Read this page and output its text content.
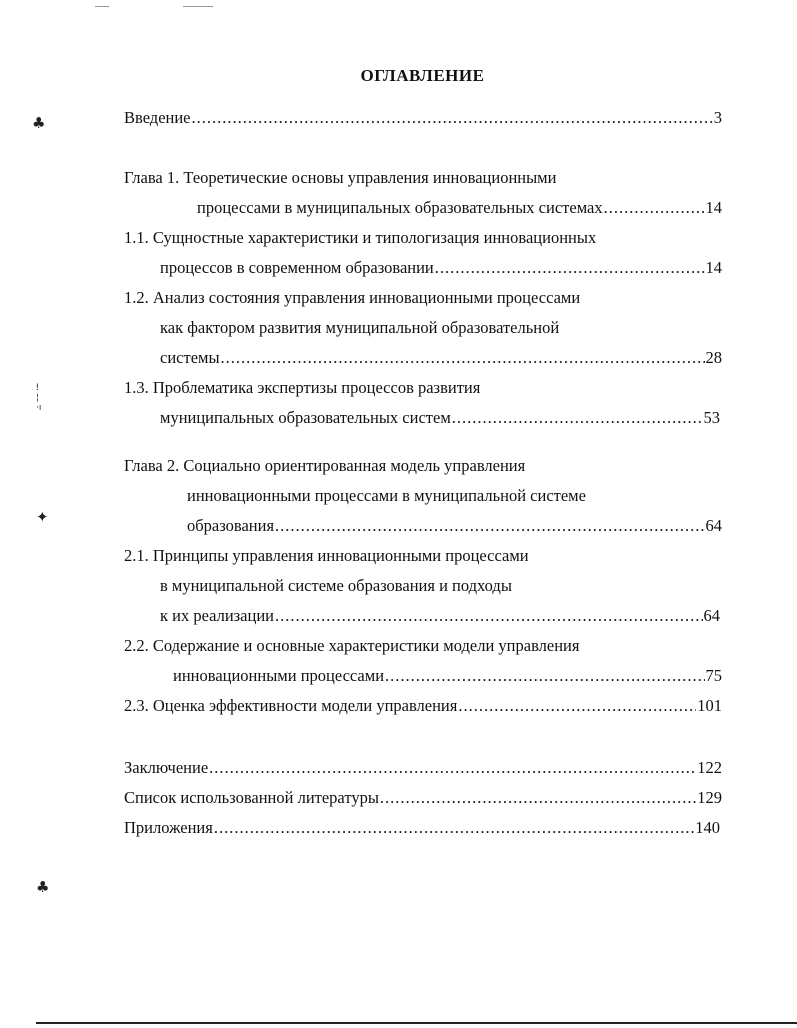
ОГЛАВЛЕНИЕ
Введение .....	3
Глава 1. Теоретические основы управления инновационными
процессами в муниципальных образовательных системах .....	14
1.1. Сущностные характеристики и типологизация инновационных
процессов в современном образовании .....	14
1.2. Анализ состояния управления инновационными процессами
как фактором развития муниципальной образовательной
системы .....	28
1.3. Проблематика экспертизы процессов развития
муниципальных образовательных систем .....	53
Глава 2. Социально ориентированная модель управления
инновационными процессами в муниципальной системе
образования .....	64
2.1. Принципы управления инновационными процессами
в муниципальной системе образования и подходы
к их реализации .....	64
2.2. Содержание и основные характеристики модели управления
инновационными процессами .....	75
2.3. Оценка эффективности модели управления .....	101
Заключение .....	122
Список использованной литературы .....	129
Приложения .....	140
♣
ǃ
¦
·ı
✦
♣
